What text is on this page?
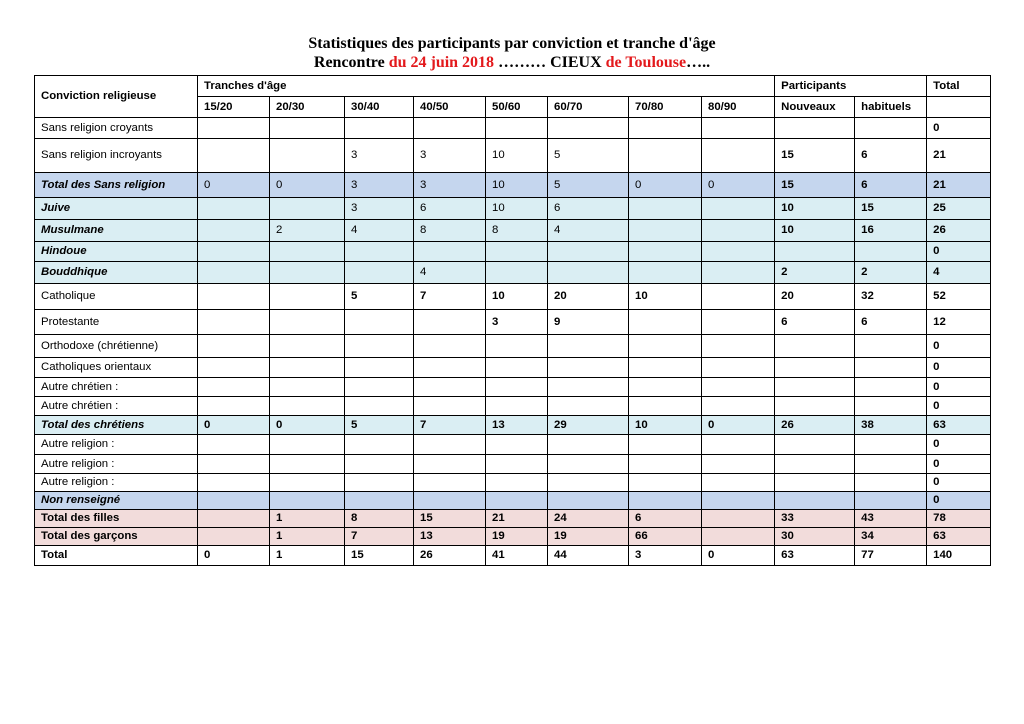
Statistiques des participants par conviction et tranche d'âge
Rencontre du 24 juin 2018 ……… CIEUX de Toulouse…..
Conviction religieuse	Tranches d'âge								Participants		Total
	15/20	20/30	30/40	40/50	50/60	60/70	70/80	80/90	Nouveaux	habituels	
Sans religion croyants											0
Sans religion incroyants			3	3	10	5			15	6	21
Total des Sans religion	0	0	3	3	10	5	0	0	15	6	21
Juive			3	6	10	6			10	15	25
Musulmane		2	4	8	8	4			10	16	26
Hindoue											0
Bouddhique				4					2	2	4
Catholique			5	7	10	20	10		20	32	52
Protestante					3	9			6	6	12
Orthodoxe (chrétienne)											0
Catholiques orientaux											0
Autre chrétien :											0
Autre chrétien :											0
Total des chrétiens	0	0	5	7	13	29	10	0	26	38	63
Autre religion :											0
Autre religion :											0
Autre religion :											0
Non renseigné											0
Total des filles		1	8	15	21	24	6		33	43	78
Total des garçons		1	7	13	19	19	66		30	34	63
Total	0	1	15	26	41	44	3	0	63	77	140
